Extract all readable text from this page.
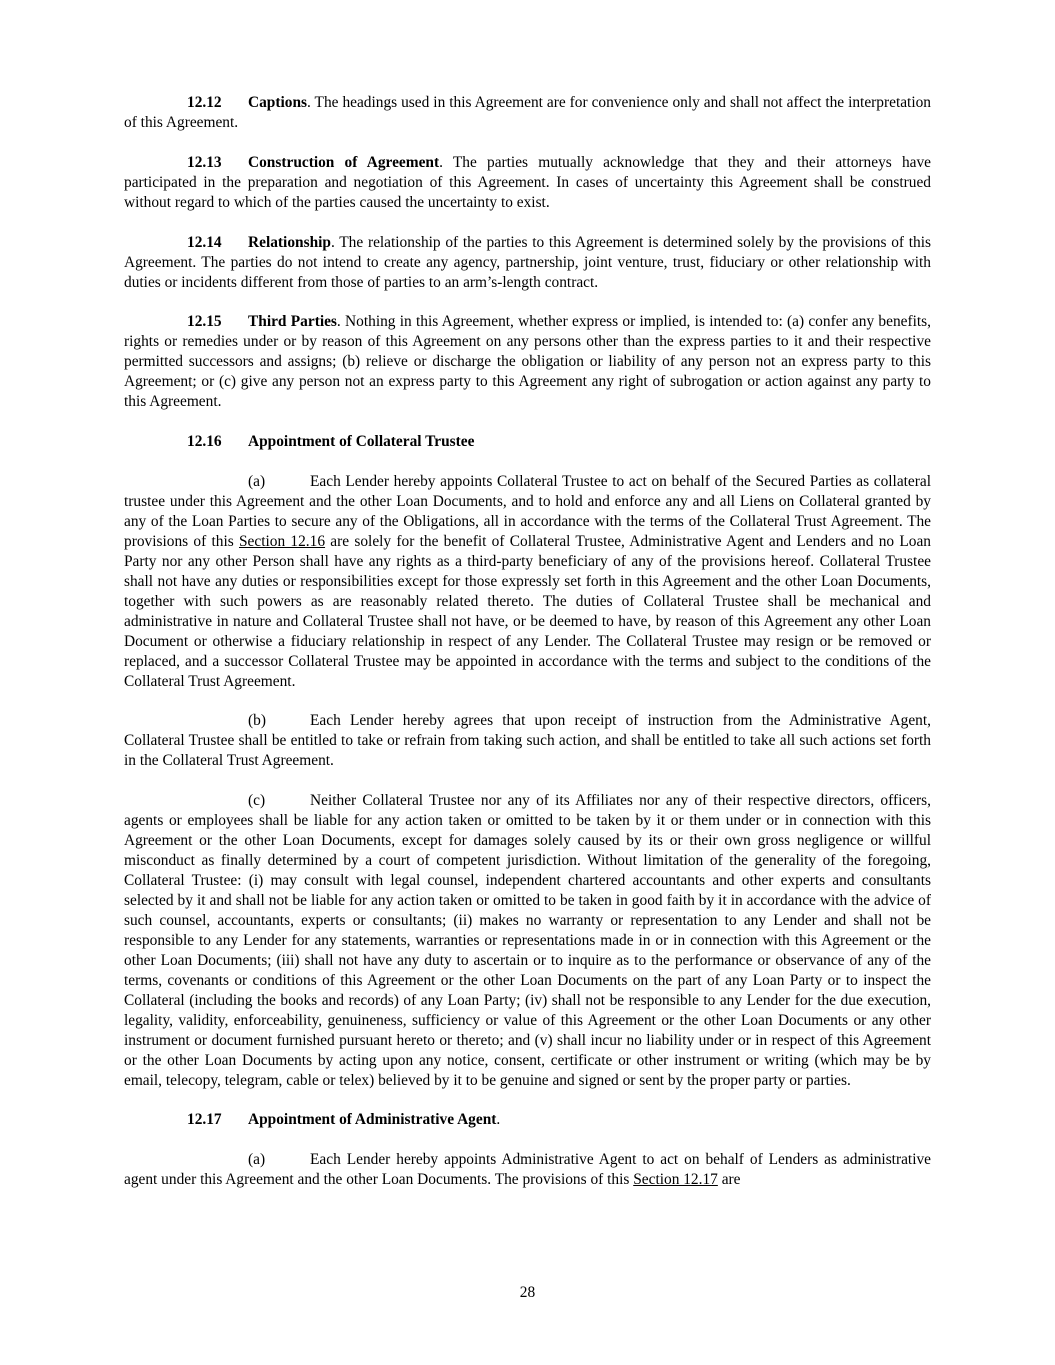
12.12 Captions. The headings used in this Agreement are for convenience only and shall not affect the interpretation of this Agreement.

12.13 Construction of Agreement. The parties mutually acknowledge that they and their attorneys have participated in the preparation and negotiation of this Agreement. In cases of uncertainty this Agreement shall be construed without regard to which of the parties caused the uncertainty to exist.

12.14 Relationship. The relationship of the parties to this Agreement is determined solely by the provisions of this Agreement. The parties do not intend to create any agency, partnership, joint venture, trust, fiduciary or other relationship with duties or incidents different from those of parties to an arm’s-length contract.

12.15 Third Parties. Nothing in this Agreement, whether express or implied, is intended to: (a) confer any benefits, rights or remedies under or by reason of this Agreement on any persons other than the express parties to it and their respective permitted successors and assigns; (b) relieve or discharge the obligation or liability of any person not an express party to this Agreement; or (c) give any person not an express party to this Agreement any right of subrogation or action against any party to this Agreement.

12.16 Appointment of Collateral Trustee

(a)	Each Lender hereby appoints Collateral Trustee to act on behalf of the Secured Parties as collateral trustee under this Agreement and the other Loan Documents, and to hold and enforce any and all Liens on Collateral granted by any of the Loan Parties to secure any of the Obligations, all in accordance with the terms of the Collateral Trust Agreement. The provisions of this Section 12.16 are solely for the benefit of Collateral Trustee, Administrative Agent and Lenders and no Loan Party nor any other Person shall have any rights as a third-party beneficiary of any of the provisions hereof. Collateral Trustee shall not have any duties or responsibilities except for those expressly set forth in this Agreement and the other Loan Documents, together with such powers as are reasonably related thereto. The duties of Collateral Trustee shall be mechanical and administrative in nature and Collateral Trustee shall not have, or be deemed to have, by reason of this Agreement any other Loan Document or otherwise a fiduciary relationship in respect of any Lender. The Collateral Trustee may resign or be removed or replaced, and a successor Collateral Trustee may be appointed in accordance with the terms and subject to the conditions of the Collateral Trust Agreement.

(b)	Each Lender hereby agrees that upon receipt of instruction from the Administrative Agent, Collateral Trustee shall be entitled to take or refrain from taking such action, and shall be entitled to take all such actions set forth in the Collateral Trust Agreement.

(c)	Neither Collateral Trustee nor any of its Affiliates nor any of their respective directors, officers, agents or employees shall be liable for any action taken or omitted to be taken by it or them under or in connection with this Agreement or the other Loan Documents, except for damages solely caused by its or their own gross negligence or willful misconduct as finally determined by a court of competent jurisdiction. Without limitation of the generality of the foregoing, Collateral Trustee: (i) may consult with legal counsel, independent chartered accountants and other experts and consultants selected by it and shall not be liable for any action taken or omitted to be taken in good faith by it in accordance with the advice of such counsel, accountants, experts or consultants; (ii) makes no warranty or representation to any Lender and shall not be responsible to any Lender for any statements, warranties or representations made in or in connection with this Agreement or the other Loan Documents; (iii) shall not have any duty to ascertain or to inquire as to the performance or observance of any of the terms, covenants or conditions of this Agreement or the other Loan Documents on the part of any Loan Party or to inspect the Collateral (including the books and records) of any Loan Party; (iv) shall not be responsible to any Lender for the due execution, legality, validity, enforceability, genuineness, sufficiency or value of this Agreement or the other Loan Documents or any other instrument or document furnished pursuant hereto or thereto; and (v) shall incur no liability under or in respect of this Agreement or the other Loan Documents by acting upon any notice, consent, certificate or other instrument or writing (which may be by email, telecopy, telegram, cable or telex) believed by it to be genuine and signed or sent by the proper party or parties.

12.17 Appointment of Administrative Agent.

(a)	Each Lender hereby appoints Administrative Agent to act on behalf of Lenders as administrative agent under this Agreement and the other Loan Documents. The provisions of this Section 12.17 are

28
